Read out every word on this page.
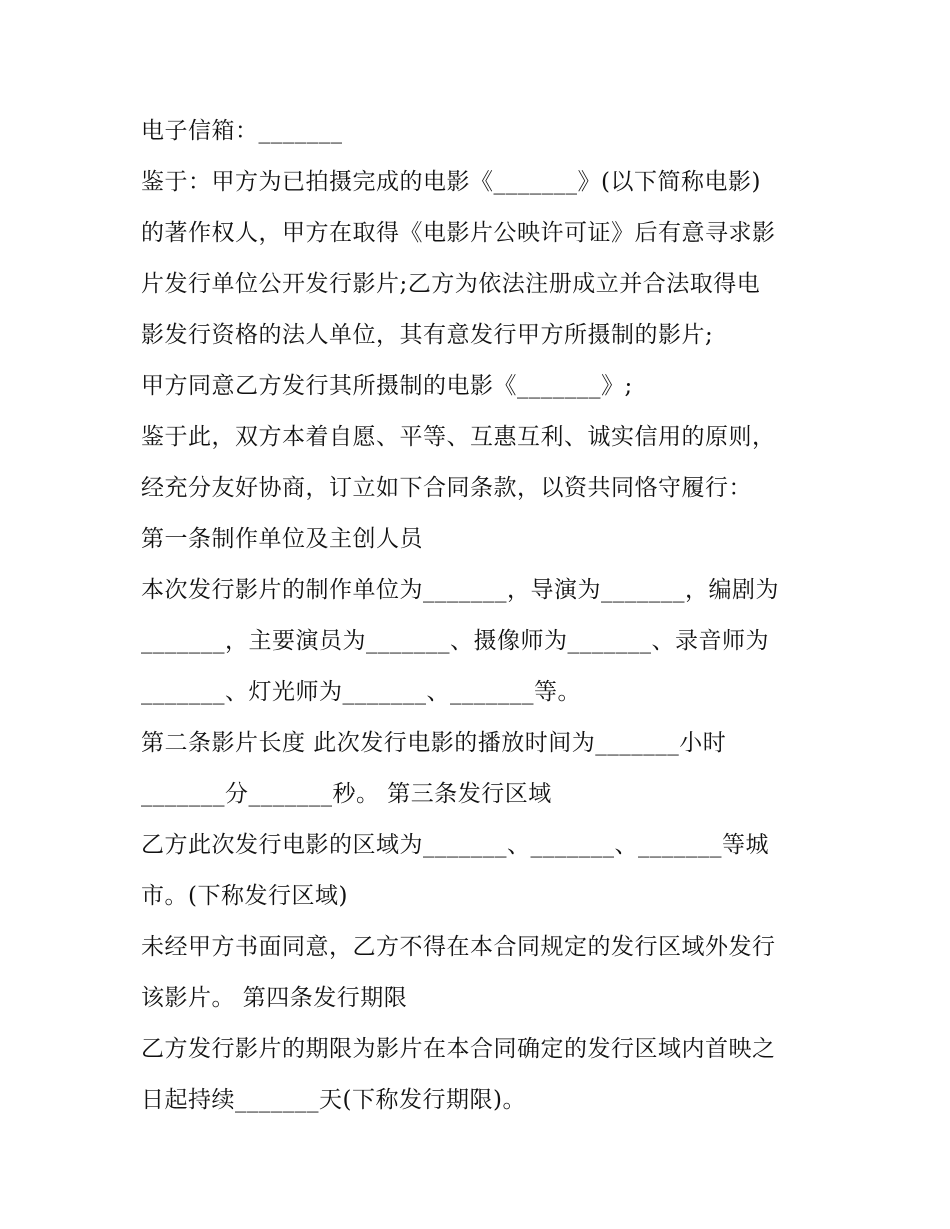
电子信箱：_______
鉴于：甲方为已拍摄完成的电影《_______》(以下简称电影)
的著作权人，甲方在取得《电影片公映许可证》后有意寻求影
片发行单位公开发行影片;乙方为依法注册成立并合法取得电
影发行资格的法人单位，其有意发行甲方所摄制的影片;
甲方同意乙方发行其所摄制的电影《_______》;
鉴于此，双方本着自愿、平等、互惠互利、诚实信用的原则，
经充分友好协商，订立如下合同条款，以资共同恪守履行：
第一条制作单位及主创人员
本次发行影片的制作单位为_______，导演为_______，编剧为
_______，主要演员为_______、摄像师为_______、录音师为
_______、灯光师为_______、_______等。
第二条影片长度 此次发行电影的播放时间为_______小时
_______分_______秒。 第三条发行区域
乙方此次发行电影的区域为_______、_______、_______等城
市。(下称发行区域)
未经甲方书面同意，乙方不得在本合同规定的发行区域外发行
该影片。 第四条发行期限
乙方发行影片的期限为影片在本合同确定的发行区域内首映之
日起持续_______天(下称发行期限)。
